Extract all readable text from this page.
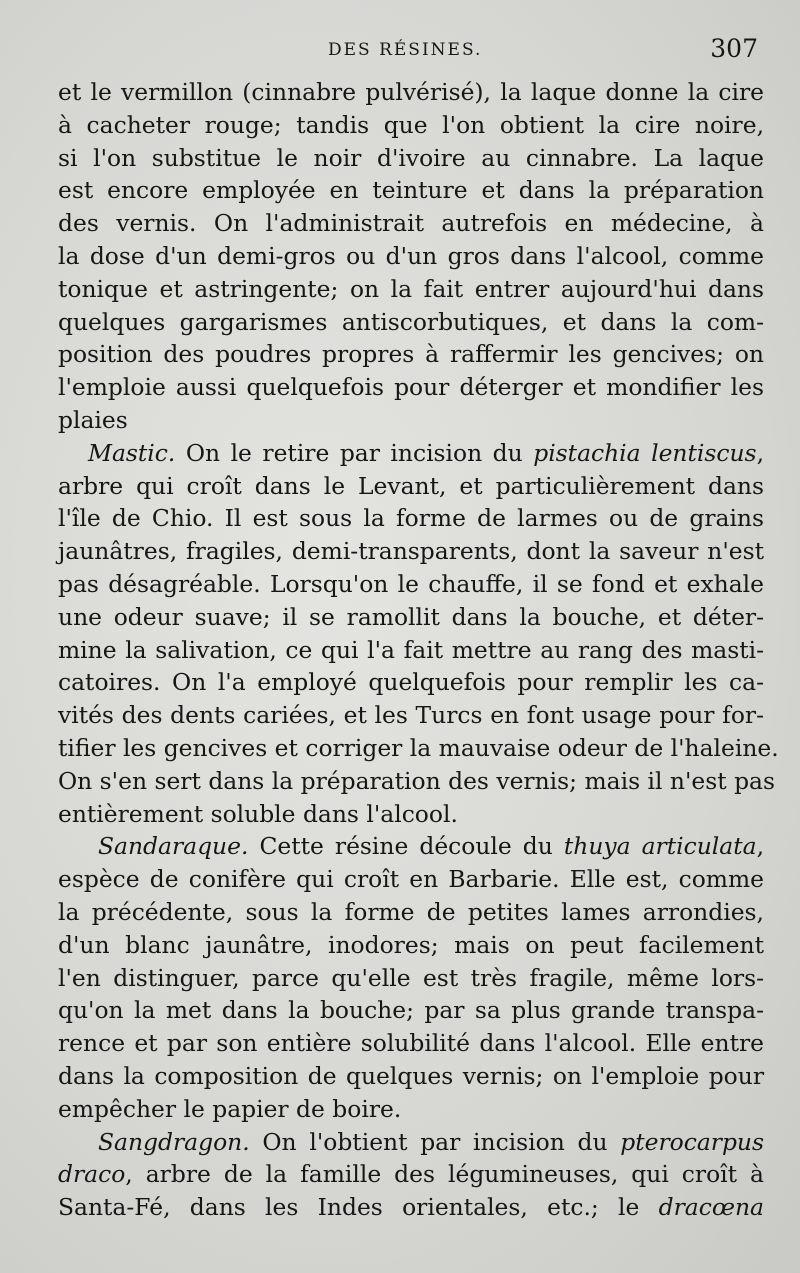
DES RÉSINES.	307
et le vermillon (cinnabre pulvérisé), la laque donne la cire
à cacheter rouge; tandis que l'on obtient la cire noire,
si l'on substitue le noir d'ivoire au cinnabre. La laque
est encore employée en teinture et dans la préparation
des vernis. On l'administrait autrefois en médecine, à
la dose d'un demi-gros ou d'un gros dans l'alcool, comme
tonique et astringente; on la fait entrer aujourd'hui dans
quelques gargarismes antiscorbutiques, et dans la com-
position des poudres propres à raffermir les gencives; on
l'emploie aussi quelquefois pour déterger et mondifier les
plaies
Mastic. On le retire par incision du pistachia lentiscus,
arbre qui croît dans le Levant, et particulièrement dans
l'île de Chio. Il est sous la forme de larmes ou de grains
jaunâtres, fragiles, demi-transparents, dont la saveur n'est
pas désagréable. Lorsqu'on le chauffe, il se fond et exhale
une odeur suave; il se ramollit dans la bouche, et déter-
mine la salivation, ce qui l'a fait mettre au rang des masti-
catoires. On l'a employé quelquefois pour remplir les ca-
vités des dents cariées, et les Turcs en font usage pour for-
tifier les gencives et corriger la mauvaise odeur de l'haleine.
On s'en sert dans la préparation des vernis; mais il n'est pas
entièrement soluble dans l'alcool.
Sandaraque. Cette résine découle du thuya articulata,
espèce de conifère qui croît en Barbarie. Elle est, comme
la précédente, sous la forme de petites lames arrondies,
d'un blanc jaunâtre, inodores; mais on peut facilement
l'en distinguer, parce qu'elle est très fragile, même lors-
qu'on la met dans la bouche; par sa plus grande transpa-
rence et par son entière solubilité dans l'alcool. Elle entre
dans la composition de quelques vernis; on l'emploie pour
empêcher le papier de boire.
Sangdragon. On l'obtient par incision du pterocarpus
draco, arbre de la famille des légumineuses, qui croît à
Santa-Fé, dans les Indes orientales, etc.; le dracœna
